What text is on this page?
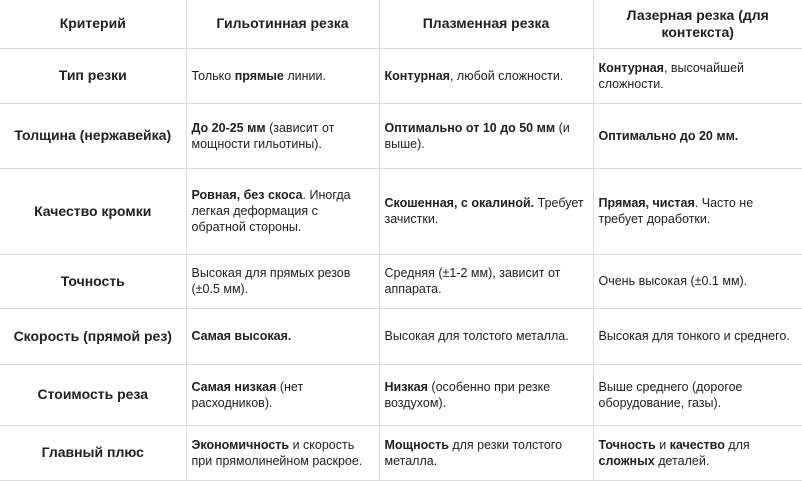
Критерий	Гильотинная резка	Плазменная резка	Лазерная резка (для контекста)
Тип резки	Только прямые линии.	Контурная, любой сложности.	Контурная, высочайшей сложности.
Толщина (нержавейка)	До 20-25 мм (зависит от мощности гильотины).	Оптимально от 10 до 50 мм (и выше).	Оптимально до 20 мм.
Качество кромки	Ровная, без скоса. Иногда легкая деформация с обратной стороны.	Скошенная, с окалиной. Требует зачистки.	Прямая, чистая. Часто не требует доработки.
Точность	Высокая для прямых резов (±0.5 мм).	Средняя (±1-2 мм), зависит от аппарата.	Очень высокая (±0.1 мм).
Скорость (прямой рез)	Самая высокая.	Высокая для толстого металла.	Высокая для тонкого и среднего.
Стоимость реза	Самая низкая (нет расходников).	Низкая (особенно при резке воздухом).	Выше среднего (дорогое оборудование, газы).
Главный плюс	Экономичность и скорость при прямолинейном раскрое.	Мощность для резки толстого металла.	Точность и качество для сложных деталей.
